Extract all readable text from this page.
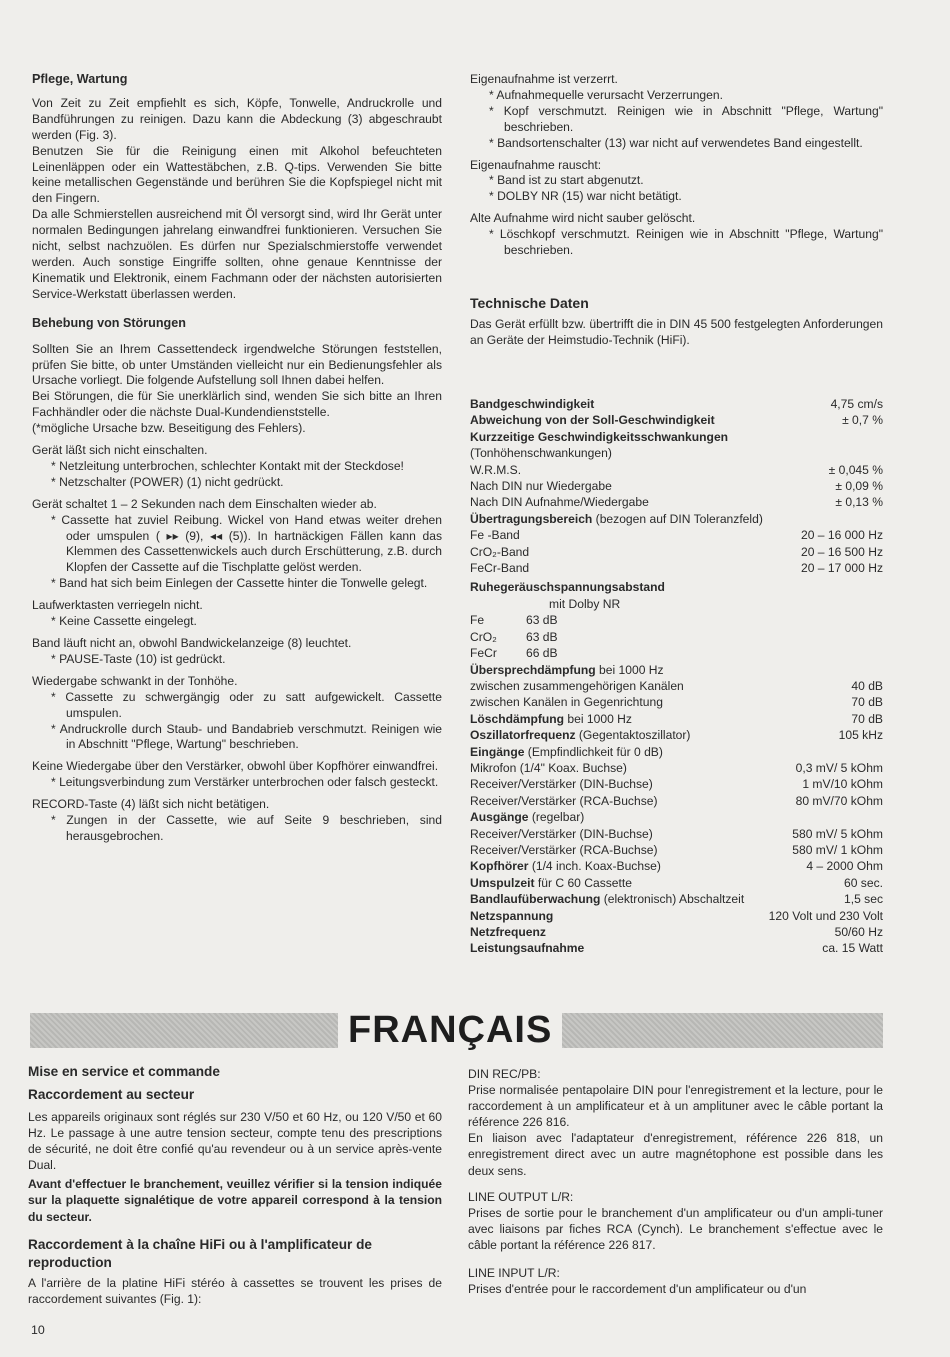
Pflege, Wartung

Von Zeit zu Zeit empfiehlt es sich, Köpfe, Tonwelle, Andruckrolle und Bandführungen zu reinigen. Dazu kann die Abdeckung (3) abgeschraubt werden (Fig. 3).

Benutzen Sie für die Reinigung einen mit Alkohol befeuchteten Leinenläppen oder ein Wattestäbchen, z.B. Q-tips. Verwenden Sie bitte keine metallischen Gegenstände und berühren Sie die Kopfspiegel nicht mit den Fingern.

Da alle Schmierstellen ausreichend mit Öl versorgt sind, wird Ihr Gerät unter normalen Bedingungen jahrelang einwandfrei funktionieren. Versuchen Sie nicht, selbst nachzuölen. Es dürfen nur Spezialschmierstoffe verwendet werden. Auch sonstige Eingriffe sollten, ohne genaue Kenntnisse der Kinematik und Elektronik, einem Fachmann oder der nächsten autorisierten Service-Werkstatt überlassen werden.

Behebung von Störungen

Sollten Sie an Ihrem Cassettendeck irgendwelche Störungen feststellen, prüfen Sie bitte, ob unter Umständen vielleicht nur ein Bedienungsfehler als Ursache vorliegt. Die folgende Aufstellung soll Ihnen dabei helfen.

Bei Störungen, die für Sie unerklärlich sind, wenden Sie sich bitte an Ihren Fachhändler oder die nächste Dual-Kundendienststelle.

(*mögliche Ursache bzw. Beseitigung des Fehlers).

Gerät läßt sich nicht einschalten.

* Netzleitung unterbrochen, schlechter Kontakt mit der Steckdose!

* Netzschalter (POWER) (1) nicht gedrückt.

Gerät schaltet 1 – 2 Sekunden nach dem Einschalten wieder ab.

* Cassette hat zuviel Reibung. Wickel von Hand etwas weiter drehen oder umspulen ( ▸▸ (9), ◂◂ (5)). In hartnäckigen Fällen kann das Klemmen des Cassettenwickels auch durch Erschütterung, z.B. durch Klopfen der Cassette auf die Tischplatte gelöst werden.

* Band hat sich beim Einlegen der Cassette hinter die Tonwelle gelegt.

Laufwerktasten verriegeln nicht.

* Keine Cassette eingelegt.

Band läuft nicht an, obwohl Bandwickelanzeige (8) leuchtet.

* PAUSE-Taste (10) ist gedrückt.

Wiedergabe schwankt in der Tonhöhe.

* Cassette zu schwergängig oder zu satt aufgewickelt. Cassette umspulen.

* Andruckrolle durch Staub- und Bandabrieb verschmutzt. Reinigen wie in Abschnitt "Pflege, Wartung" beschrieben.

Keine Wiedergabe über den Verstärker, obwohl über Kopfhörer einwandfrei.

* Leitungsverbindung zum Verstärker unterbrochen oder falsch gesteckt.

RECORD-Taste (4) läßt sich nicht betätigen.

* Zungen in der Cassette, wie auf Seite 9 beschrieben, sind herausgebrochen.

Eigenaufnahme ist verzerrt.

* Aufnahmequelle verursacht Verzerrungen.

* Kopf verschmutzt. Reinigen wie in Abschnitt "Pflege, Wartung" beschrieben.

* Bandsortenschalter (13) war nicht auf verwendetes Band eingestellt.

Eigenaufnahme rauscht:

* Band ist zu start abgenutzt.

* DOLBY NR (15) war nicht betätigt.

Alte Aufnahme wird nicht sauber gelöscht.

* Löschkopf verschmutzt. Reinigen wie in Abschnitt "Pflege, Wartung" beschrieben.

Technische Daten

Das Gerät erfüllt bzw. übertrifft die in DIN 45 500 festgelegten Anforderungen an Geräte der Heimstudio-Technik (HiFi).

Bandgeschwindigkeit	4,75 cm/s
Abweichung von der Soll-Geschwindigkeit	± 0,7 %
Kurzzeitige Geschwindigkeitsschwankungen
(Tonhöhenschwankungen)
W.R.M.S.	± 0,045 %
Nach DIN nur Wiedergabe	± 0,09 %
Nach DIN Aufnahme/Wiedergabe	± 0,13 %
Übertragungsbereich (bezogen auf DIN Toleranzfeld)
Fe -Band	20 – 16 000 Hz
CrO₂-Band	20 – 16 500 Hz
FeCr-Band	20 – 17 000 Hz
Ruhegeräuschspannungsabstand
mit Dolby NR
Fe	63 dB
CrO₂	63 dB
FeCr	66 dB
Übersprechdämpfung bei 1000 Hz
zwischen zusammengehörigen Kanälen	40 dB
zwischen Kanälen in Gegenrichtung	70 dB
Löschdämpfung bei 1000 Hz	70 dB
Oszillatorfrequenz (Gegentaktoszillator)	105 kHz
Eingänge (Empfindlichkeit für 0 dB)
Mikrofon (1/4" Koax. Buchse)	0,3 mV/ 5 kOhm
Receiver/Verstärker (DIN-Buchse)	1 mV/10 kOhm
Receiver/Verstärker (RCA-Buchse)	80 mV/70 kOhm
Ausgänge (regelbar)
Receiver/Verstärker (DIN-Buchse)	580 mV/ 5 kOhm
Receiver/Verstärker (RCA-Buchse)	580 mV/ 1 kOhm
Kopfhörer (1/4 inch. Koax-Buchse)	4 – 2000 Ohm
Umspulzeit für C 60 Cassette	60 sec.
Bandlaufüberwachung (elektronisch) Abschaltzeit	1,5 sec
Netzspannung	120 Volt und 230 Volt
Netzfrequenz	50/60 Hz
Leistungsaufnahme	ca. 15 Watt
FRANÇAIS

Mise en service et commande

Raccordement au secteur

Les appareils originaux sont réglés sur 230 V/50 et 60 Hz, ou 120 V/50 et 60 Hz. Le passage à une autre tension secteur, compte tenu des prescriptions de sécurité, ne doit être confié qu'au revendeur ou à un service après-vente Dual.

Avant d'effectuer le branchement, veuillez vérifier si la tension indiquée sur la plaquette signalétique de votre appareil correspond à la tension du secteur.

Raccordement à la chaîne HiFi ou à l'amplificateur de reproduction

A l'arrière de la platine HiFi stéréo à cassettes se trouvent les prises de raccordement suivantes (Fig. 1):

DIN REC/PB:

Prise normalisée pentapolaire DIN pour l'enregistrement et la lecture, pour le raccordement à un amplificateur et à un amplituner avec le câble portant la référence 226 816.

En liaison avec l'adaptateur d'enregistrement, référence 226 818, un enregistrement direct avec un autre magnétophone est possible dans les deux sens.

LINE OUTPUT L/R:

Prises de sortie pour le branchement d'un amplificateur ou d'un ampli-tuner avec liaisons par fiches RCA (Cynch). Le branchement s'effectue avec le câble portant la référence 226 817.

LINE INPUT L/R:

Prises d'entrée pour le raccordement d'un amplificateur ou d'un

10
